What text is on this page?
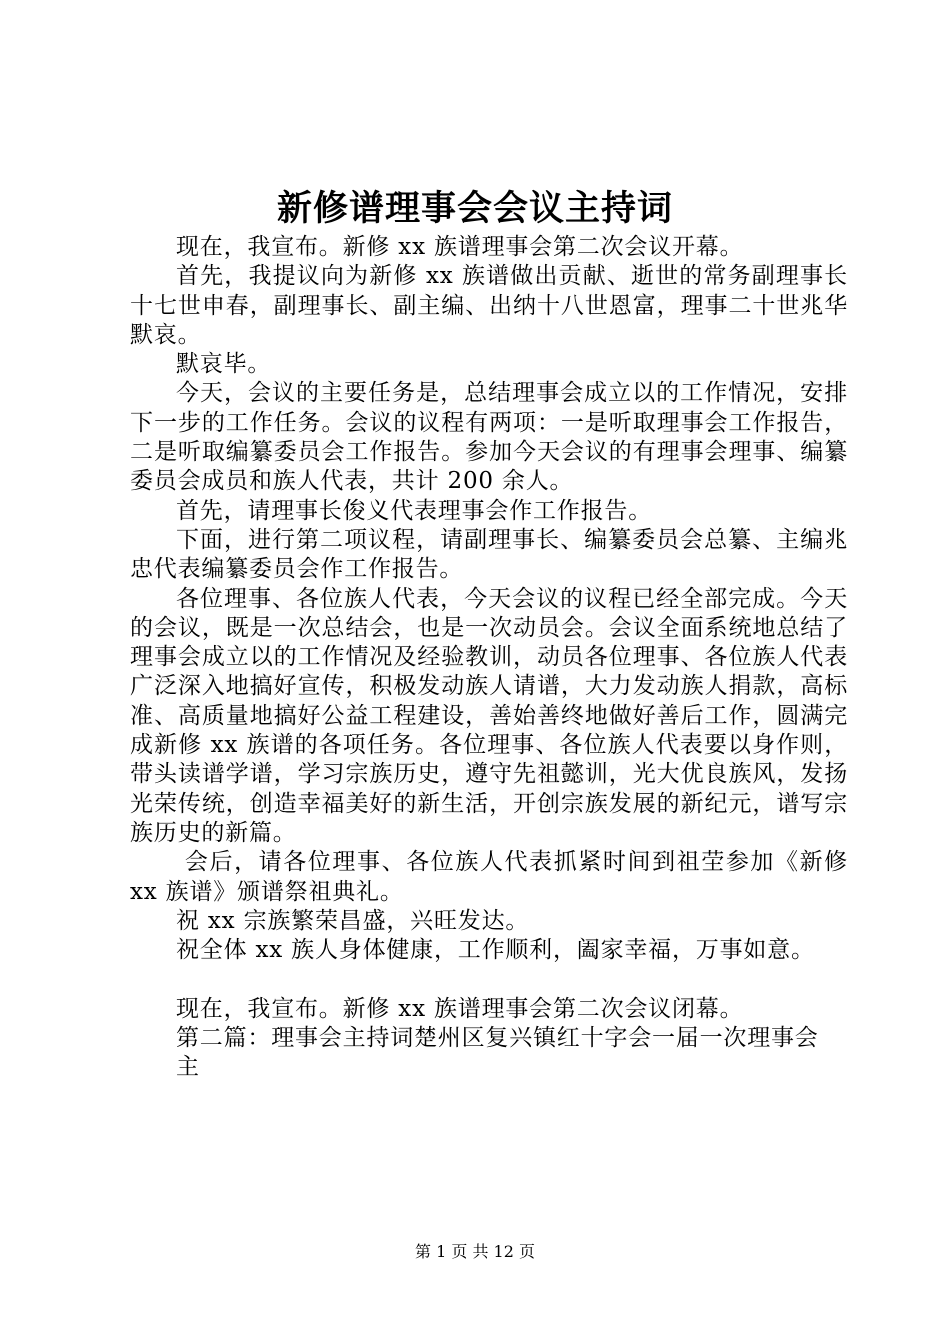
新修谱理事会会议主持词

现在，我宣布。新修 xx 族谱理事会第二次会议开幕。

首先，我提议向为新修 xx 族谱做出贡献、逝世的常务副理事长十七世申春，副理事长、副主编、出纳十八世恩富，理事二十世兆华默哀。

默哀毕。

今天，会议的主要任务是，总结理事会成立以的工作情况，安排下一步的工作任务。会议的议程有两项：一是听取理事会工作报告，二是听取编纂委员会工作报告。参加今天会议的有理事会理事、编纂委员会成员和族人代表，共计 200 余人。

首先，请理事长俊义代表理事会作工作报告。

下面，进行第二项议程，请副理事长、编纂委员会总纂、主编兆忠代表编纂委员会作工作报告。

各位理事、各位族人代表，今天会议的议程已经全部完成。今天的会议，既是一次总结会，也是一次动员会。会议全面系统地总结了理事会成立以的工作情况及经验教训，动员各位理事、各位族人代表广泛深入地搞好宣传，积极发动族人请谱，大力发动族人捐款，高标准、高质量地搞好公益工程建设，善始善终地做好善后工作，圆满完成新修 xx 族谱的各项任务。各位理事、各位族人代表要以身作则，带头读谱学谱，学习宗族历史，遵守先祖懿训，光大优良族风，发扬光荣传统，创造幸福美好的新生活，开创宗族发展的新纪元，谱写宗族历史的新篇。

会后，请各位理事、各位族人代表抓紧时间到祖茔参加《新修 xx 族谱》颁谱祭祖典礼。

祝 xx 宗族繁荣昌盛，兴旺发达。

祝全体 xx 族人身体健康，工作顺利，阖家幸福，万事如意。

现在，我宣布。新修 xx 族谱理事会第二次会议闭幕。

第二篇：理事会主持词楚州区复兴镇红十字会一届一次理事会

主

第 1 页 共 12 页
